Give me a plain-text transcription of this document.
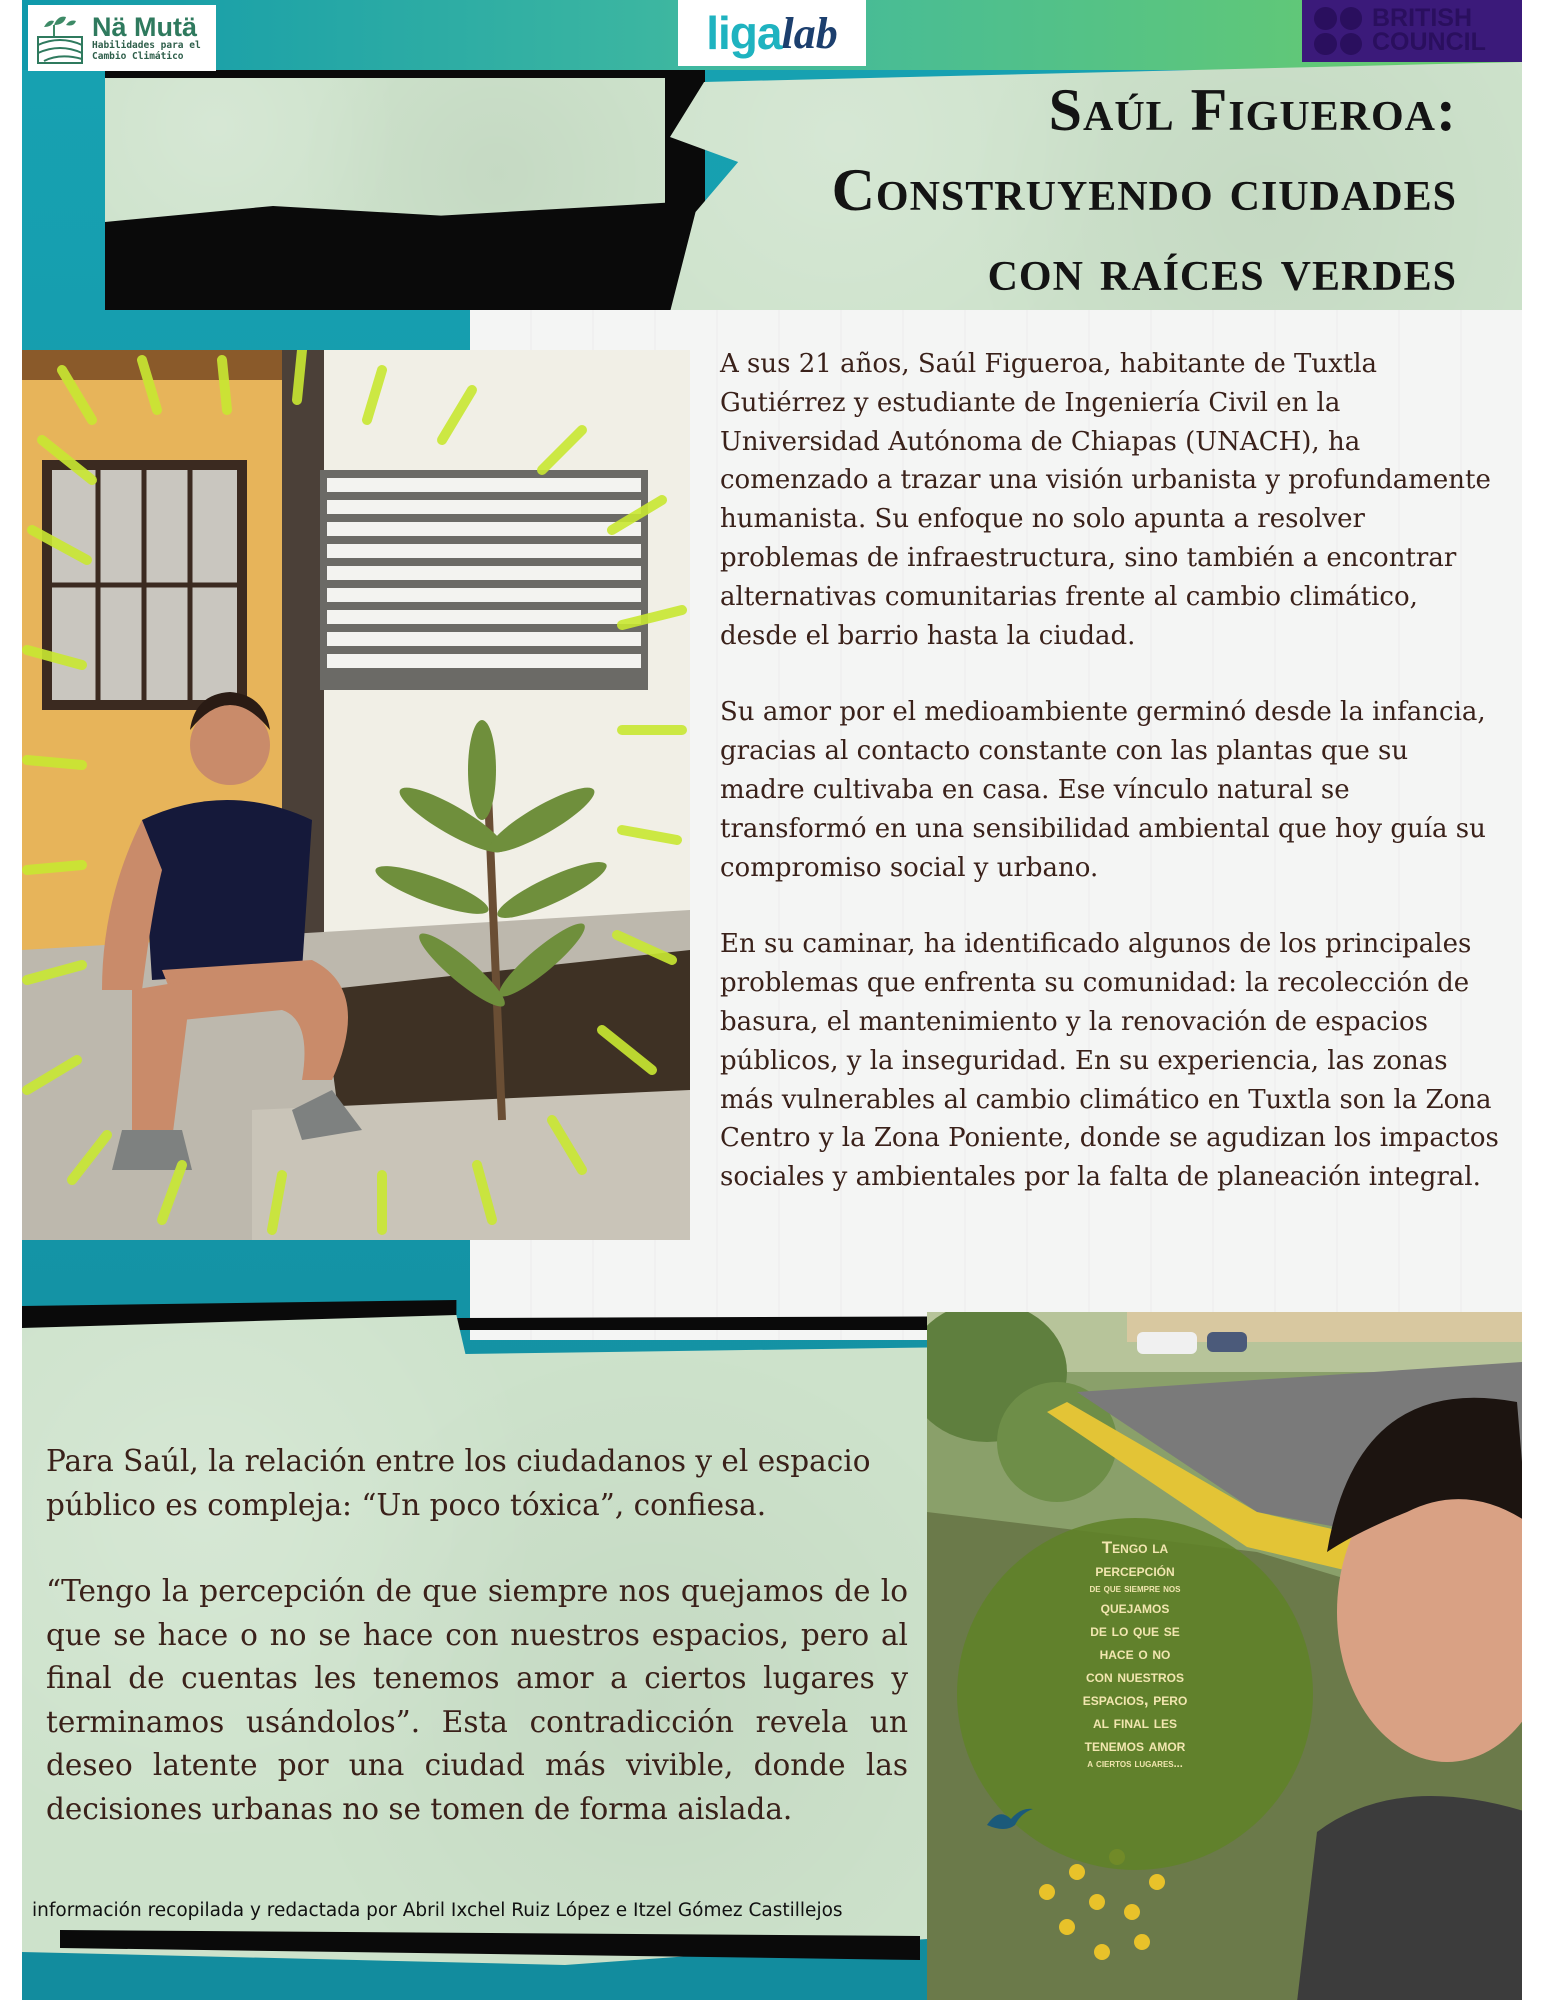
Nä Mutä
Habilidades para el
Cambio Climático	liga lab	BRITISH
COUNCIL
Saúl Figueroa:
Construyendo ciudades
con raíces verdes

A sus 21 años, Saúl Figueroa, habitante de Tuxtla Gutiérrez y estudiante de Ingeniería Civil en la Universidad Autónoma de Chiapas (UNACH), ha comenzado a trazar una visión urbanista y profundamente humanista. Su enfoque no solo apunta a resolver problemas de infraestructura, sino también a encontrar alternativas comunitarias frente al cambio climático, desde el barrio hasta la ciudad.

Su amor por el medioambiente germinó desde la infancia, gracias al contacto constante con las plantas que su madre cultivaba en casa. Ese vínculo natural se transformó en una sensibilidad ambiental que hoy guía su compromiso social y urbano.

En su caminar, ha identificado algunos de los principales problemas que enfrenta su comunidad: la recolección de basura, el mantenimiento y la renovación de espacios públicos, y la inseguridad. En su experiencia, las zonas más vulnerables al cambio climático en Tuxtla son la Zona Centro y la Zona Poniente, donde se agudizan los impactos sociales y ambientales por la falta de planeación integral.

Tengo la
percepción
de que siempre nos
quejamos
de lo que se
hace o no
con nuestros
espacios, pero
al final les
tenemos amor
a ciertos lugares...

Para Saúl, la relación entre los ciudadanos y el espacio público es compleja: “Un poco tóxica”, confiesa.

“Tengo la percepción de que siempre nos quejamos de lo que se hace o no se hace con nuestros espacios, pero al final de cuentas les tenemos amor a ciertos lugares y terminamos usándolos”. Esta contradicción revela un deseo latente por una ciudad más vivible, donde las decisiones urbanas no se tomen de forma aislada.

información recopilada y redactada por Abril Ixchel Ruiz López e Itzel Gómez Castillejos
